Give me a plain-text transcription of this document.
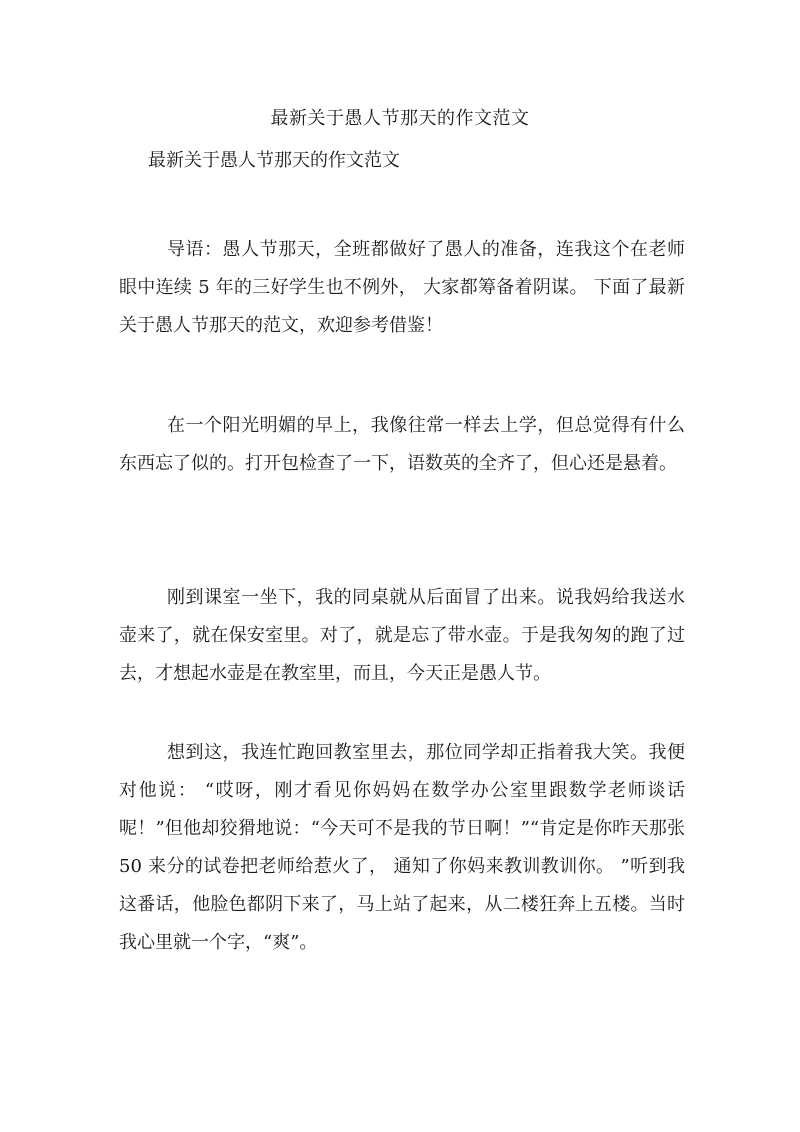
最新关于愚人节那天的作文范文
最新关于愚人节那天的作文范文

导语：愚人节那天，全班都做好了愚人的准备，连我这个在老师眼中连续 5 年的三好学生也不例外， 大家都筹备着阴谋。 下面了最新关于愚人节那天的范文，欢迎参考借鉴！

在一个阳光明媚的早上，我像往常一样去上学，但总觉得有什么东西忘了似的。打开包检查了一下，语数英的全齐了，但心还是悬着。

刚到课室一坐下，我的同桌就从后面冒了出来。说我妈给我送水壶来了，就在保安室里。对了，就是忘了带水壶。于是我匆匆的跑了过去，才想起水壶是在教室里，而且，今天正是愚人节。

想到这，我连忙跑回教室里去，那位同学却正指着我大笑。我便对他说： “哎呀，刚才看见你妈妈在数学办公室里跟数学老师谈话呢！”但他却狡猾地说：“今天可不是我的节日啊！”“肯定是你昨天那张 50 来分的试卷把老师给惹火了， 通知了你妈来教训教训你。 ”听到我这番话，他脸色都阴下来了，马上站了起来，从二楼狂奔上五楼。当时我心里就一个字，“爽”。
